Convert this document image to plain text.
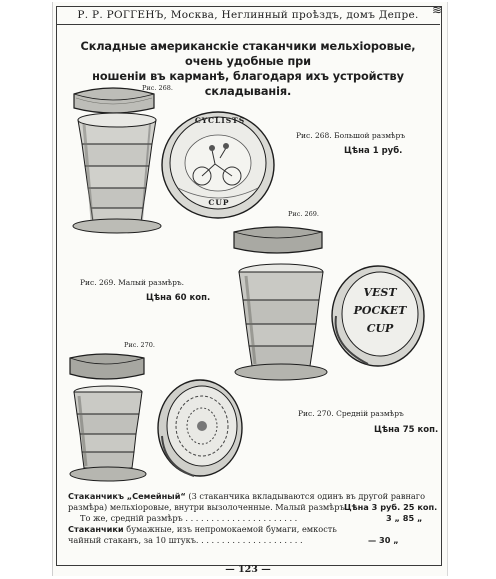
≋
Р. Р. РОГГЕНЪ, Москва, Неглинный проѣздъ, домъ Депре.
Складные американскіе стаканчики мельхіоровые, очень удобные при
ношеніи въ карманѣ, благодаря ихъ устройству складыванія.
Рис. 268.
CYCLISTS
CUP
Рис. 268. Большой размѣръ
Цѣна 1 руб.
Рис. 269.
VEST
POCKET
CUP
Рис. 269. Малый размѣръ.
Цѣна 60 коп.
Рис. 270.
Рис. 270. Средній размѣръ
Цѣна 75 коп.
Стаканчикъ „Семейный“ (3 стаканчика вкладываются одинъ въ другой равнаго
размѣра) мельхіоровые, внутри вызолоченные. Малый размѣръ . .
Цѣна 3 руб. 25 коп.
То же, средній размѣръ . . . . . . . . . . . . . . . . . . . . . .	3 „ 85 „
Стаканчики бумажные, изъ непромокаемой бумаги, емкость
чайный стаканъ, за 10 штукъ. . . . . . . . . . . . . . . . . . . . .	— 30 „
— 123 —
